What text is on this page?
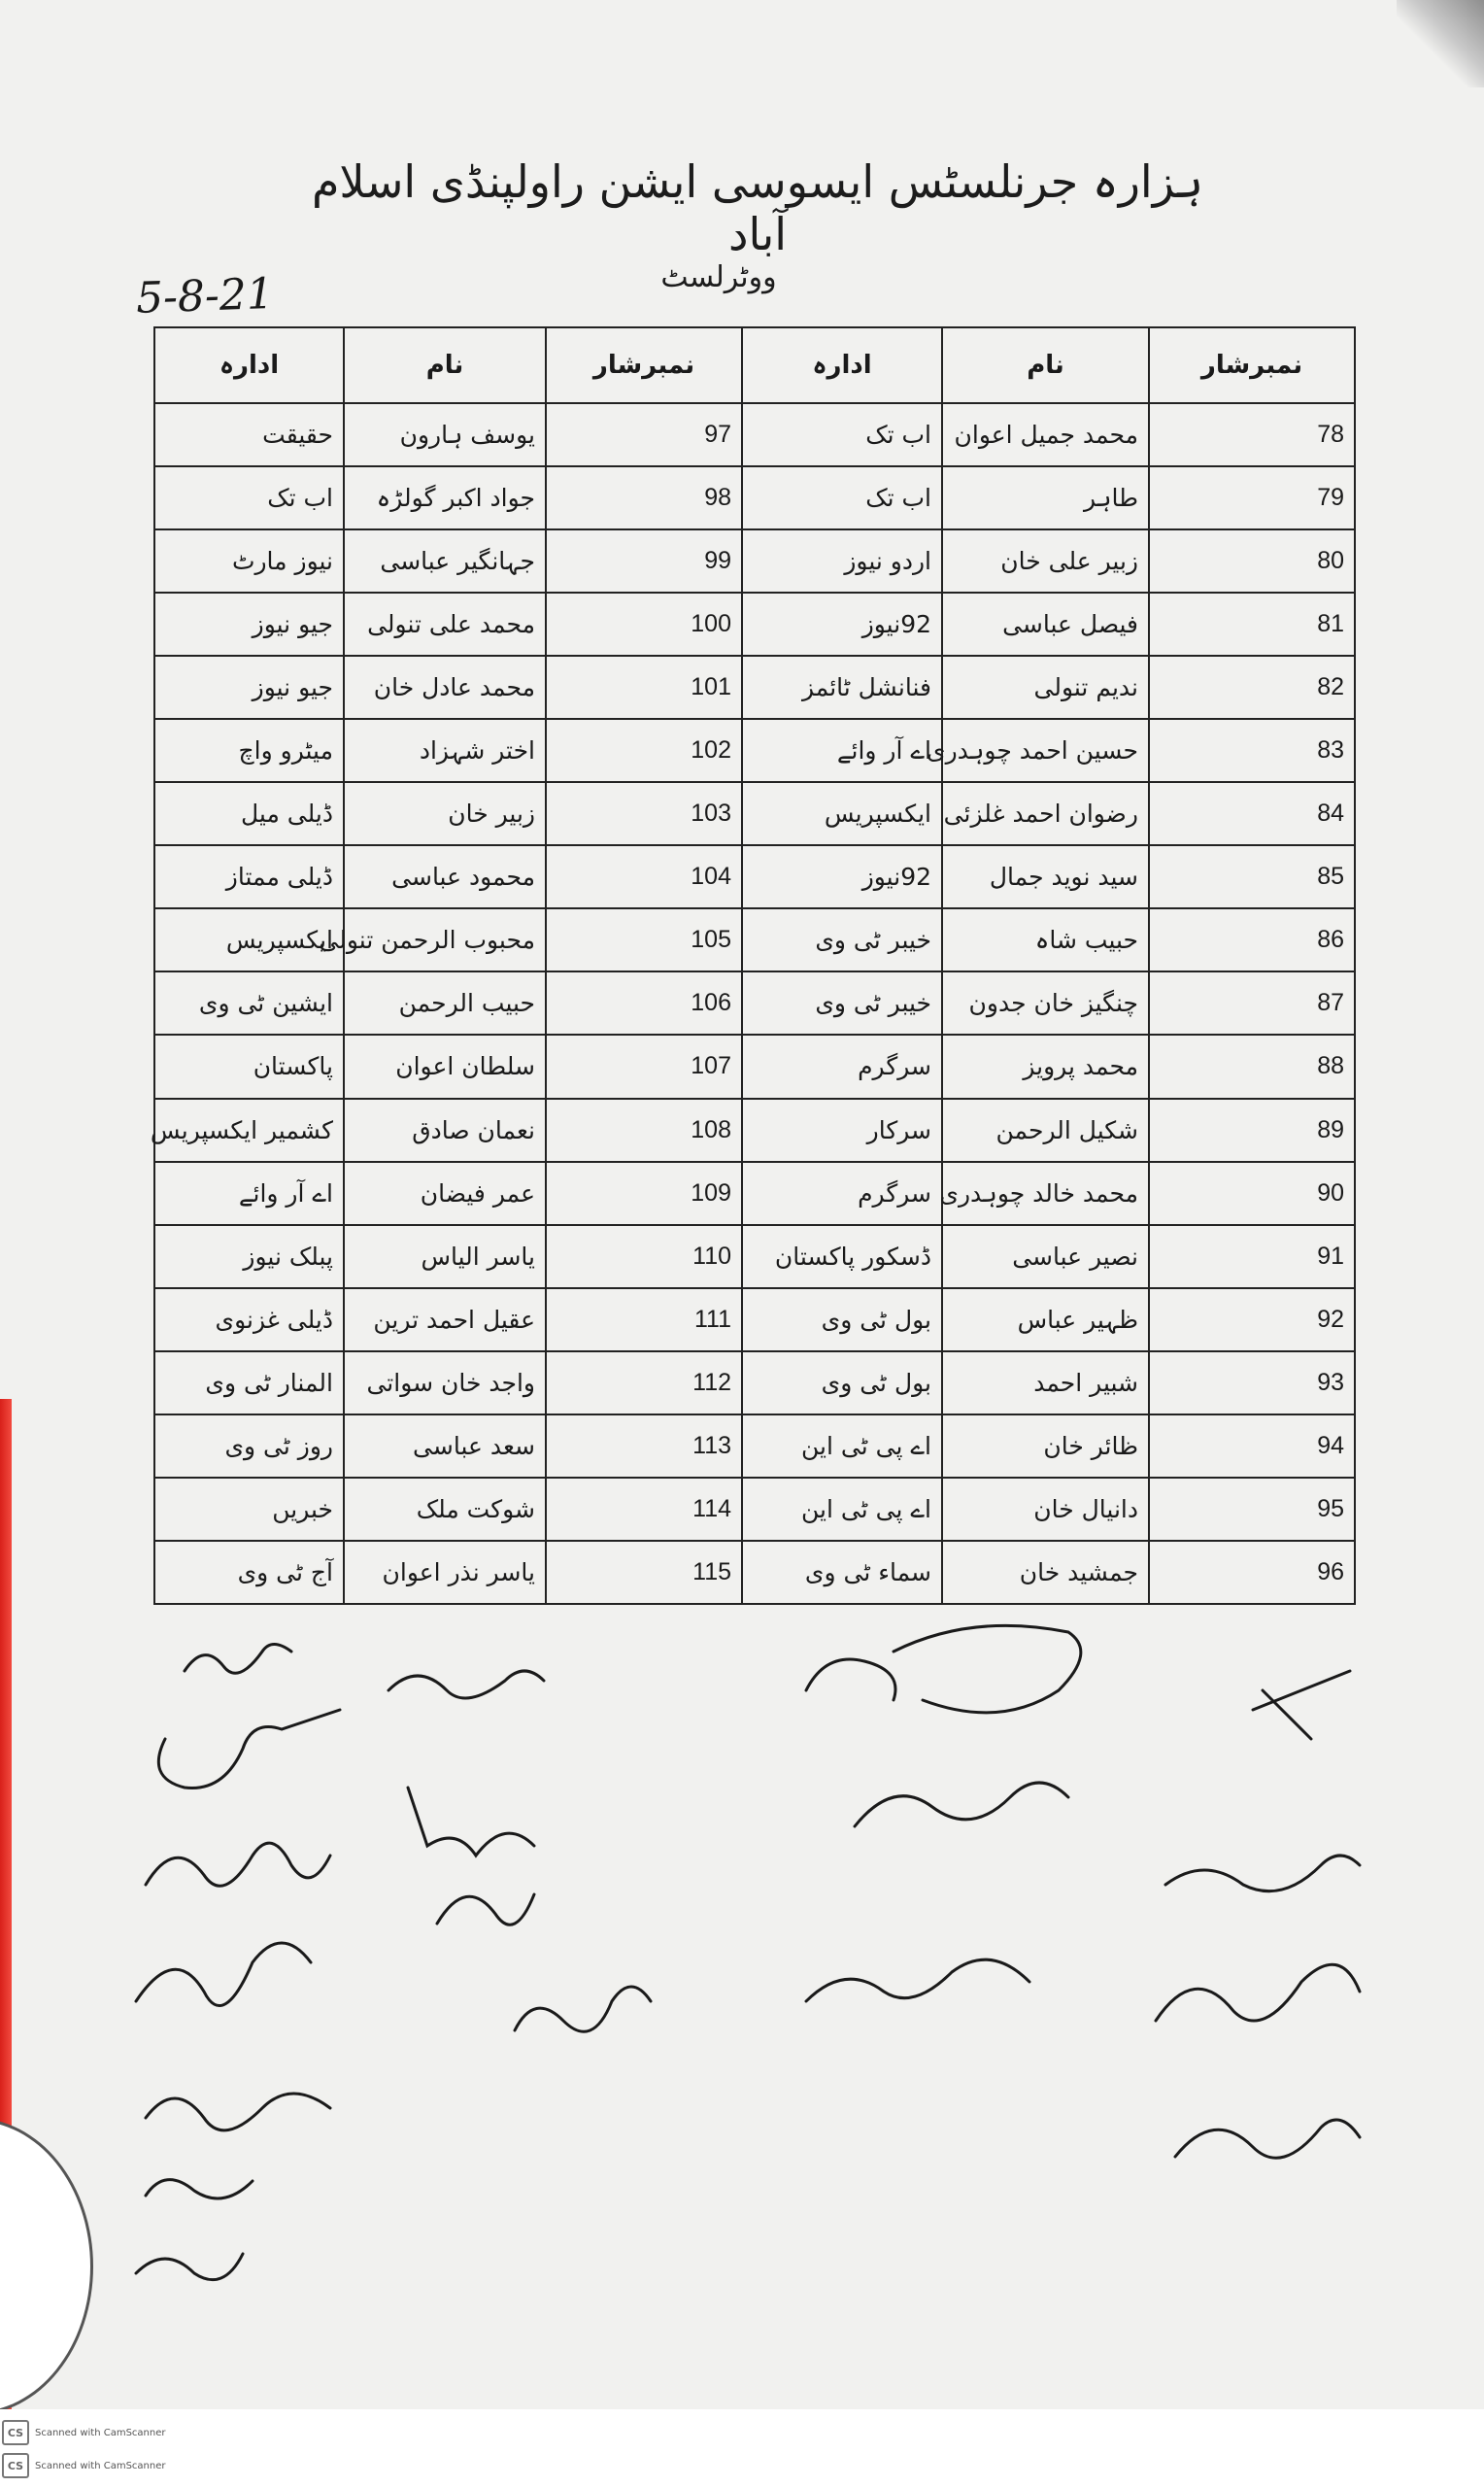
ہزارہ جرنلسٹس ایسوسی ایشن راولپنڈی اسلام آباد
ووٹرلسٹ
5-8-21
ادارہ	نام	نمبرشار	ادارہ	نام	نمبرشار
حقیقت	یوسف ہارون	97	اب تک	محمد جمیل اعوان	78
اب تک	جواد اکبر گولڑہ	98	اب تک	طاہر	79
نیوز مارٹ	جہانگیر عباسی	99	اردو نیوز	زبیر علی خان	80
جیو نیوز	محمد علی تنولی	100	92نیوز	فیصل عباسی	81
جیو نیوز	محمد عادل خان	101	فنانشل ٹائمز	ندیم تنولی	82
میٹرو واچ	اختر شہزاد	102	اے آر وائے	حسین احمد چوہدری	83
ڈیلی میل	زبیر خان	103	ایکسپریس	رضوان احمد غلزئی	84
ڈیلی ممتاز	محمود عباسی	104	92نیوز	سید نوید جمال	85
ایکسپریس	محبوب الرحمن تنولی	105	خیبر ٹی وی	حبیب شاہ	86
ایشین ٹی وی	حبیب الرحمن	106	خیبر ٹی وی	چنگیز خان جدون	87
پاکستان	سلطان اعوان	107	سرگرم	محمد پرویز	88
کشمیر ایکسپریس	نعمان صادق	108	سرکار	شکیل الرحمن	89
اے آر وائے	عمر فیضان	109	سرگرم	محمد خالد چوہدری	90
پبلک نیوز	یاسر الیاس	110	ڈسکور پاکستان	نصیر عباسی	91
ڈیلی غزنوی	عقیل احمد ترین	111	بول ٹی وی	ظہیر عباس	92
المنار ٹی وی	واجد خان سواتی	112	بول ٹی وی	شبیر احمد	93
روز ٹی وی	سعد عباسی	113	اے پی ٹی این	ظائر خان	94
خبریں	شوکت ملک	114	اے پی ٹی این	دانیال خان	95
آج ٹی وی	یاسر نذر اعوان	115	سماء ٹی وی	جمشید خان	96
CS	Scanned with CamScanner
CS	Scanned with CamScanner
